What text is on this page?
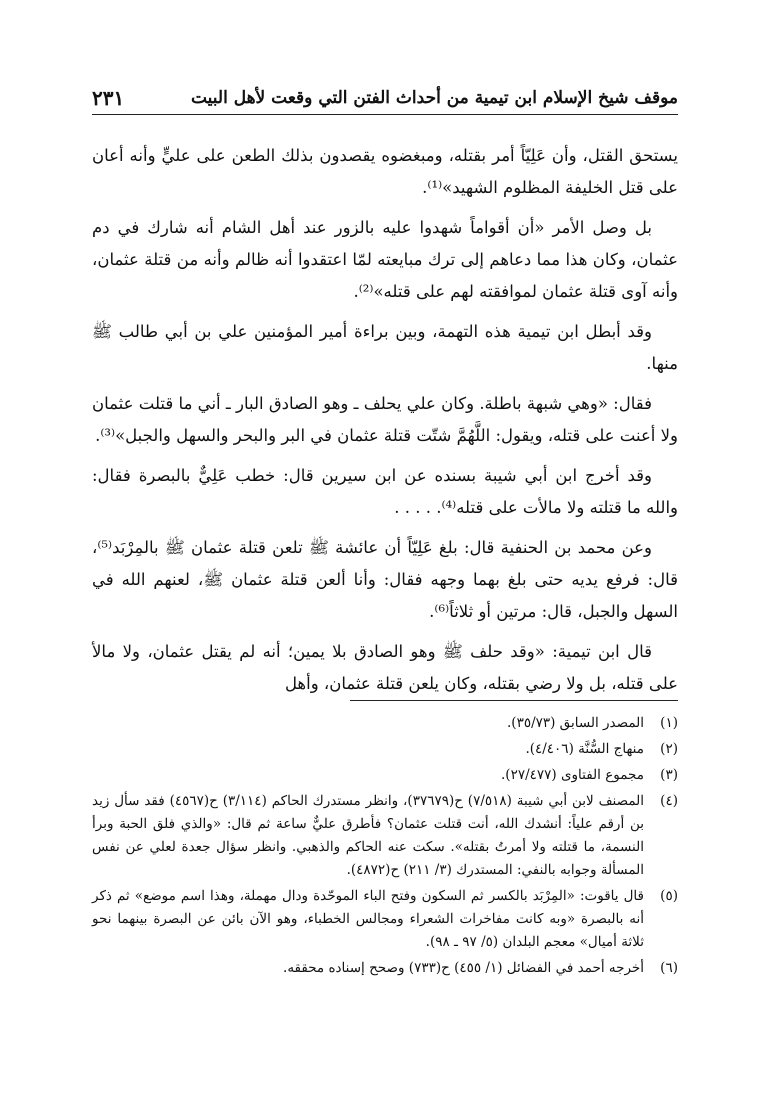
موقف شيخ الإسلام ابن تيمية من أحداث الفتن التي وقعت لأهل البيت
٢٣١

يستحق القتل، وأن عَلِيّاً أمر بقتله، ومبغضوه يقصدون بذلك الطعن على عليٍّ وأنه أعان على قتل الخليفة المظلوم الشهيد»⁽¹⁾.

بل وصل الأمر «أن أقواماً شهدوا عليه بالزور عند أهل الشام أنه شارك في دم عثمان، وكان هذا مما دعاهم إلى ترك مبايعته لمّا اعتقدوا أنه ظالم وأنه من قتلة عثمان، وأنه آوى قتلة عثمان لموافقته لهم على قتله»⁽²⁾.

وقد أبطل ابن تيمية هذه التهمة، وبين براءة أمير المؤمنين علي بن أبي طالب ﷺ منها.

فقال: «وهي شبهة باطلة. وكان علي يحلف ـ وهو الصادق البار ـ أني ما قتلت عثمان ولا أعنت على قتله، ويقول: اللَّهُمَّ شتّت قتلة عثمان في البر والبحر والسهل والجبل»⁽³⁾.

وقد أخرج ابن أبي شيبة بسنده عن ابن سيرين قال: خطب عَلِيٌّ بالبصرة فقال: والله ما قتلته ولا مالأت على قتله⁽⁴⁾. . . . .

وعن محمد بن الحنفية قال: بلغ عَلِيّاً أن عائشة ﷺ تلعن قتلة عثمان ﷺ بالمِرْبَد⁽⁵⁾، قال: فرفع يديه حتى بلغ بهما وجهه فقال: وأنا ألعن قتلة عثمان ﷺ، لعنهم الله في السهل والجبل، قال: مرتين أو ثلاثاً⁽⁶⁾.

قال ابن تيمية: «وقد حلف ﷺ وهو الصادق بلا يمين؛ أنه لم يقتل عثمان، ولا مالأ على قتله، بل ولا رضي بقتله، وكان يلعن قتلة عثمان، وأهل

(١)
المصدر السابق (٣٥/٧٣).
(٢)
منهاج السُّنَّة (٤/٤٠٦).
(٣)
مجموع الفتاوى (٢٧/٤٧٧).
(٤)
المصنف لابن أبي شيبة (٧/٥١٨) ح(٣٧٦٧٩)، وانظر مستدرك الحاكم (٣/١١٤) ح(٤٥٦٧) فقد سأل زيد بن أرقم علياً: أنشدك الله، أنت قتلت عثمان؟ فأطرق عليٌّ ساعة ثم قال: «والذي فلق الحبة وبرأ النسمة، ما قتلته ولا أمرتُ بقتله». سكت عنه الحاكم والذهبي. وانظر سؤال جعدة لعلي عن نفس المسألة وجوابه بالنفي: المستدرك (٣/ ٢١١) ح(٤٨٧٢).
(٥)
قال ياقوت: «المِرْبَد بالكسر ثم السكون وفتح الباء الموحّدة ودال مهملة، وهذا اسم موضع» ثم ذكر أنه بالبصرة «وبه كانت مفاخرات الشعراء ومجالس الخطباء، وهو الآن بائن عن البصرة بينهما نحو ثلاثة أميال» معجم البلدان (٥/ ٩٧ ـ ٩٨).
(٦)
أخرجه أحمد في الفضائل (١/ ٤٥٥) ح(٧٣٣) وصحح إسناده محققه.
